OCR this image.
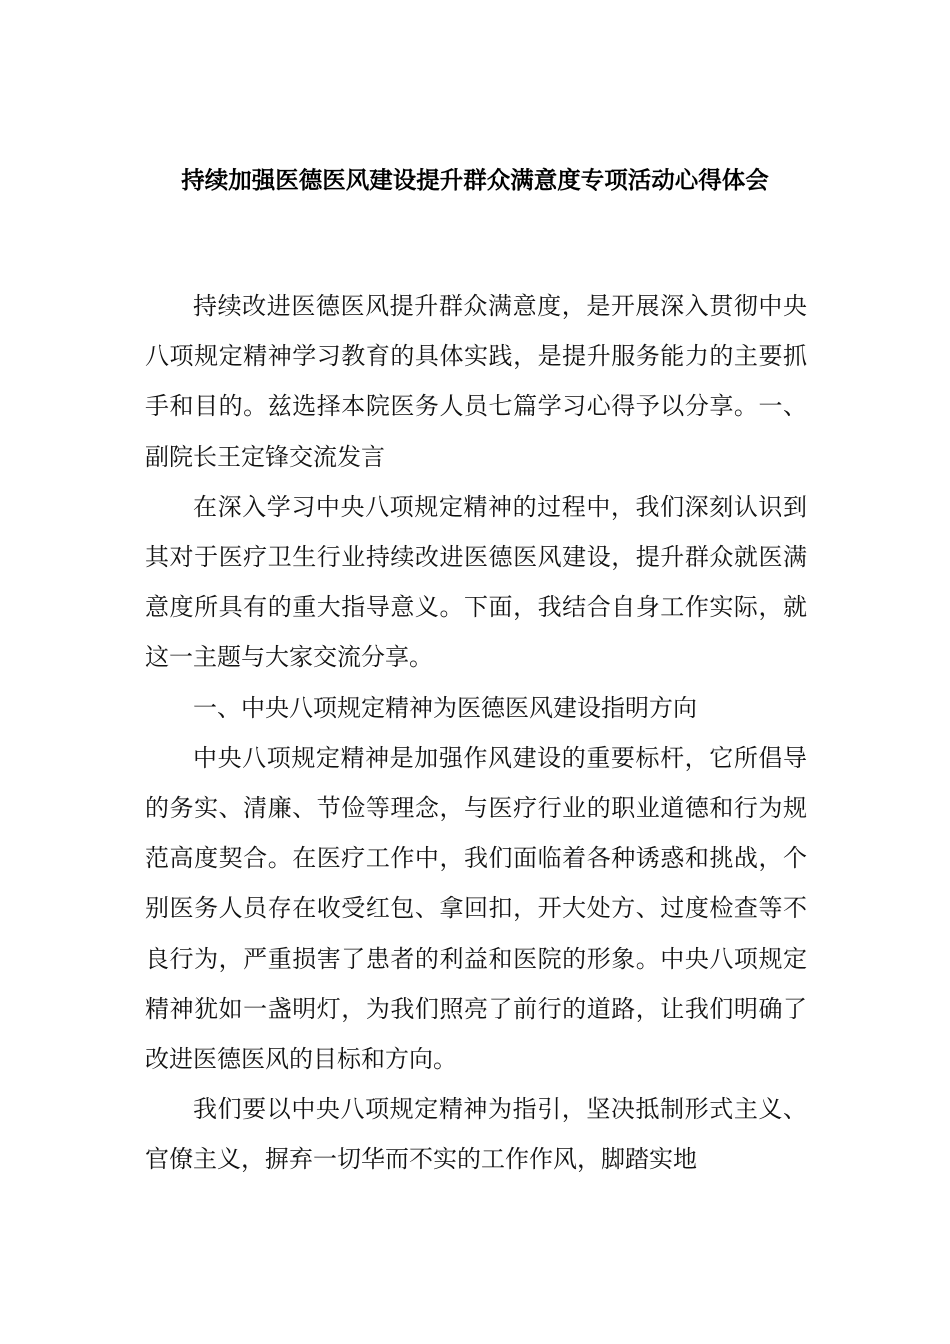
持续加强医德医风建设提升群众满意度专项活动心得体会

持续改进医德医风提升群众满意度，是开展深入贯彻中央八项规定精神学习教育的具体实践，是提升服务能力的主要抓手和目的。兹选择本院医务人员七篇学习心得予以分享。一、副院长王定锋交流发言

在深入学习中央八项规定精神的过程中，我们深刻认识到其对于医疗卫生行业持续改进医德医风建设，提升群众就医满意度所具有的重大指导意义。下面，我结合自身工作实际，就这一主题与大家交流分享。

一、中央八项规定精神为医德医风建设指明方向

中央八项规定精神是加强作风建设的重要标杆，它所倡导的务实、清廉、节俭等理念，与医疗行业的职业道德和行为规范高度契合。在医疗工作中，我们面临着各种诱惑和挑战，个别医务人员存在收受红包、拿回扣，开大处方、过度检查等不良行为，严重损害了患者的利益和医院的形象。中央八项规定精神犹如一盏明灯，为我们照亮了前行的道路，让我们明确了改进医德医风的目标和方向。

我们要以中央八项规定精神为指引，坚决抵制形式主义、官僚主义，摒弃一切华而不实的工作作风，脚踏实地
